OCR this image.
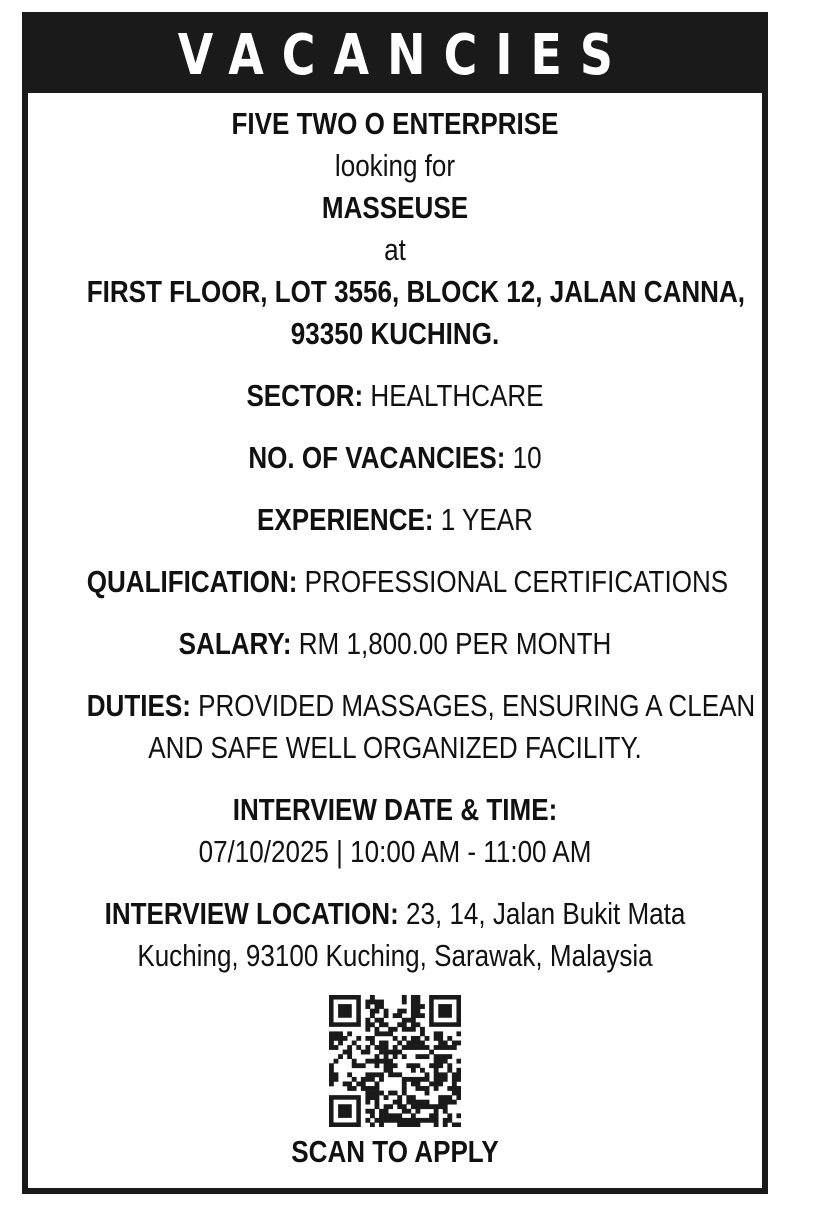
VACANCIES
FIVE TWO O ENTERPRISE
looking for
MASSEUSE
at
FIRST FLOOR, LOT 3556, BLOCK 12, JALAN CANNA,
93350 KUCHING.
SECTOR: HEALTHCARE
NO. OF VACANCIES: 10
EXPERIENCE: 1 YEAR
QUALIFICATION: PROFESSIONAL CERTIFICATIONS
SALARY: RM 1,800.00 PER MONTH
DUTIES: PROVIDED MASSAGES, ENSURING A CLEAN
AND SAFE WELL ORGANIZED FACILITY.
INTERVIEW DATE & TIME:
07/10/2025 | 10:00 AM - 11:00 AM
INTERVIEW LOCATION: 23, 14, Jalan Bukit Mata
Kuching, 93100 Kuching, Sarawak, Malaysia
SCAN TO APPLY
